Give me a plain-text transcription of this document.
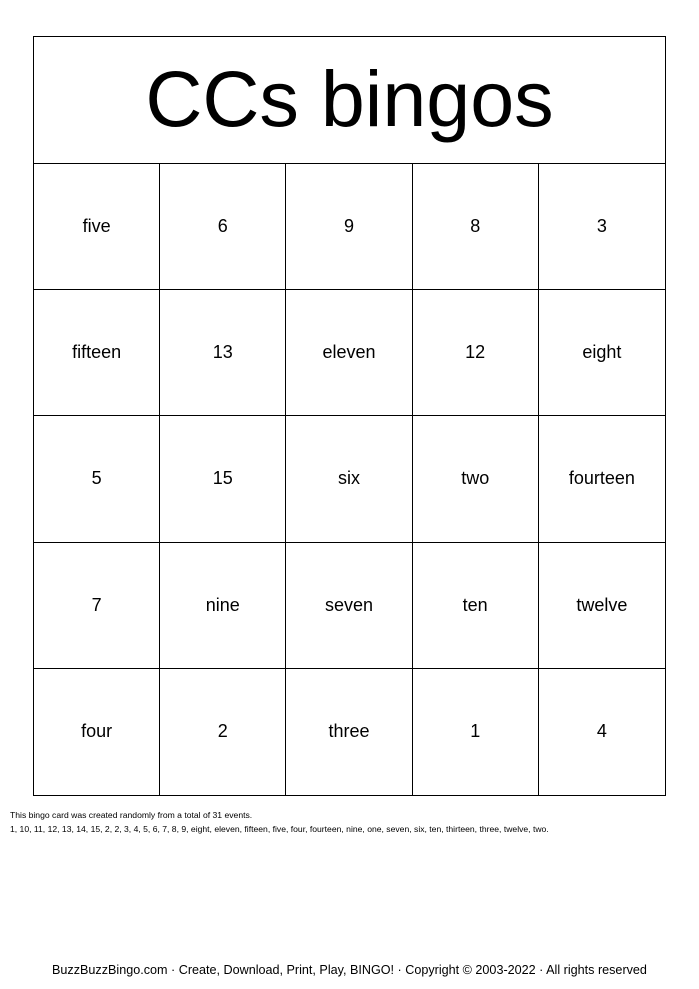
CCs bingos
five	6	9	8	3
fifteen	13	eleven	12	eight
5	15	six	two	fourteen
7	nine	seven	ten	twelve
four	2	three	1	4
This bingo card was created randomly from a total of 31 events.
1, 10, 11, 12, 13, 14, 15, 2, 2, 3, 4, 5, 6, 7, 8, 9, eight, eleven, fifteen, five, four, fourteen, nine, one, seven, six, ten, thirteen, three, twelve, two.
BuzzBuzzBingo.com · Create, Download, Print, Play, BINGO! · Copyright © 2003-2022 · All rights reserved
